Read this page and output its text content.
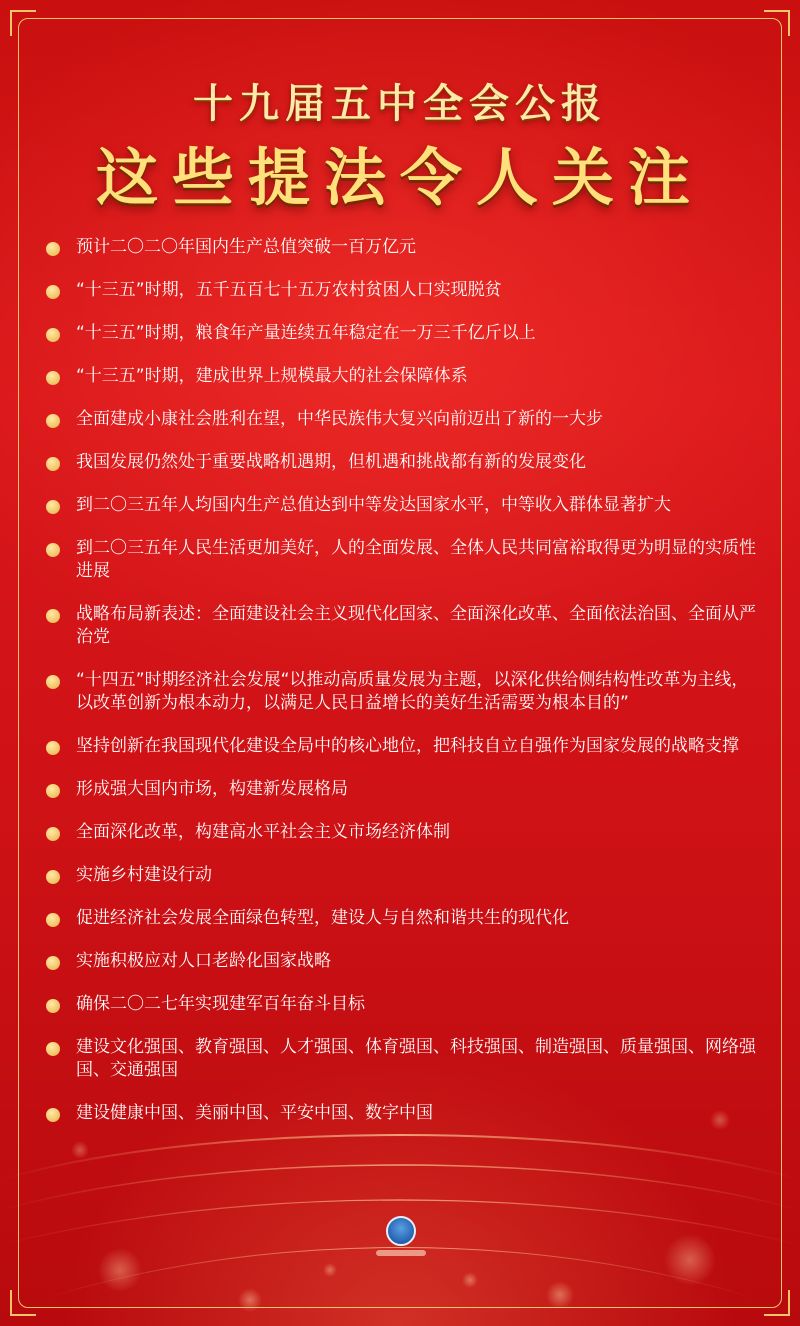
十九届五中全会公报
这些提法令人关注
预计二〇二〇年国内生产总值突破一百万亿元
“十三五”时期，五千五百七十五万农村贫困人口实现脱贫
“十三五”时期，粮食年产量连续五年稳定在一万三千亿斤以上
“十三五”时期，建成世界上规模最大的社会保障体系
全面建成小康社会胜利在望，中华民族伟大复兴向前迈出了新的一大步
我国发展仍然处于重要战略机遇期，但机遇和挑战都有新的发展变化
到二〇三五年人均国内生产总值达到中等发达国家水平，中等收入群体显著扩大
到二〇三五年人民生活更加美好，人的全面发展、全体人民共同富裕取得更为明显的实质性进展
战略布局新表述：全面建设社会主义现代化国家、全面深化改革、全面依法治国、全面从严治党
“十四五”时期经济社会发展“以推动高质量发展为主题，以深化供给侧结构性改革为主线，以改革创新为根本动力，以满足人民日益增长的美好生活需要为根本目的”
坚持创新在我国现代化建设全局中的核心地位，把科技自立自强作为国家发展的战略支撑
形成强大国内市场，构建新发展格局
全面深化改革，构建高水平社会主义市场经济体制
实施乡村建设行动
促进经济社会发展全面绿色转型，建设人与自然和谐共生的现代化
实施积极应对人口老龄化国家战略
确保二〇二七年实现建军百年奋斗目标
建设文化强国、教育强国、人才强国、体育强国、科技强国、制造强国、质量强国、网络强国、交通强国
建设健康中国、美丽中国、平安中国、数字中国
